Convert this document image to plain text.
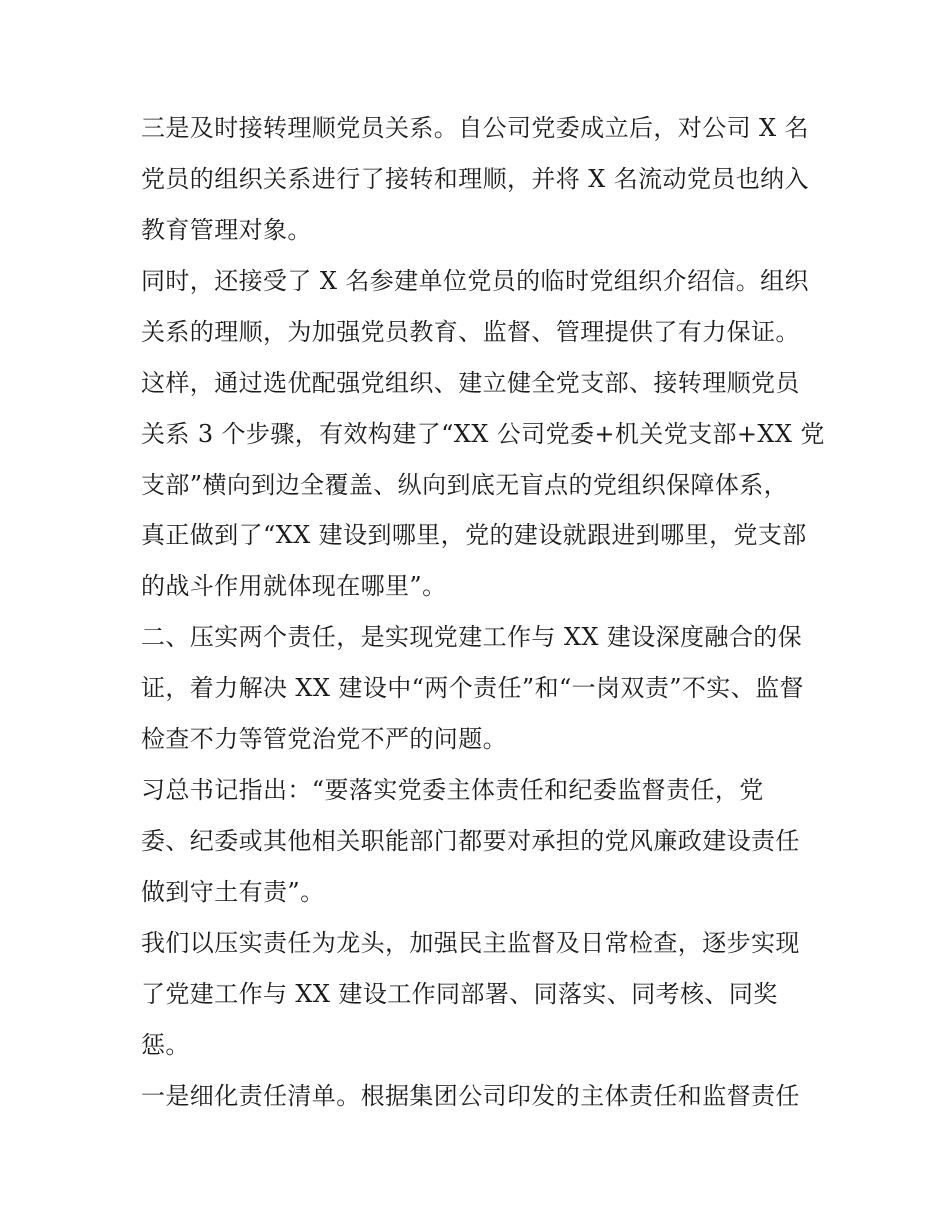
三是及时接转理顺党员关系。自公司党委成立后，对公司 X 名
党员的组织关系进行了接转和理顺，并将 X 名流动党员也纳入
教育管理对象。
同时，还接受了 X 名参建单位党员的临时党组织介绍信。组织
关系的理顺，为加强党员教育、监督、管理提供了有力保证。
这样，通过选优配强党组织、建立健全党支部、接转理顺党员
关系 3 个步骤，有效构建了“XX 公司党委+机关党支部+XX 党
支部”横向到边全覆盖、纵向到底无盲点的党组织保障体系，
真正做到了“XX 建设到哪里，党的建设就跟进到哪里，党支部
的战斗作用就体现在哪里”。
二、压实两个责任，是实现党建工作与 XX 建设深度融合的保
证，着力解决 XX 建设中“两个责任”和“一岗双责”不实、监督
检查不力等管党治党不严的问题。
习总书记指出：“要落实党委主体责任和纪委监督责任，党
委、纪委或其他相关职能部门都要对承担的党风廉政建设责任
做到守土有责”。
我们以压实责任为龙头，加强民主监督及日常检查，逐步实现
了党建工作与 XX 建设工作同部署、同落实、同考核、同奖
惩。
一是细化责任清单。根据集团公司印发的主体责任和监督责任
